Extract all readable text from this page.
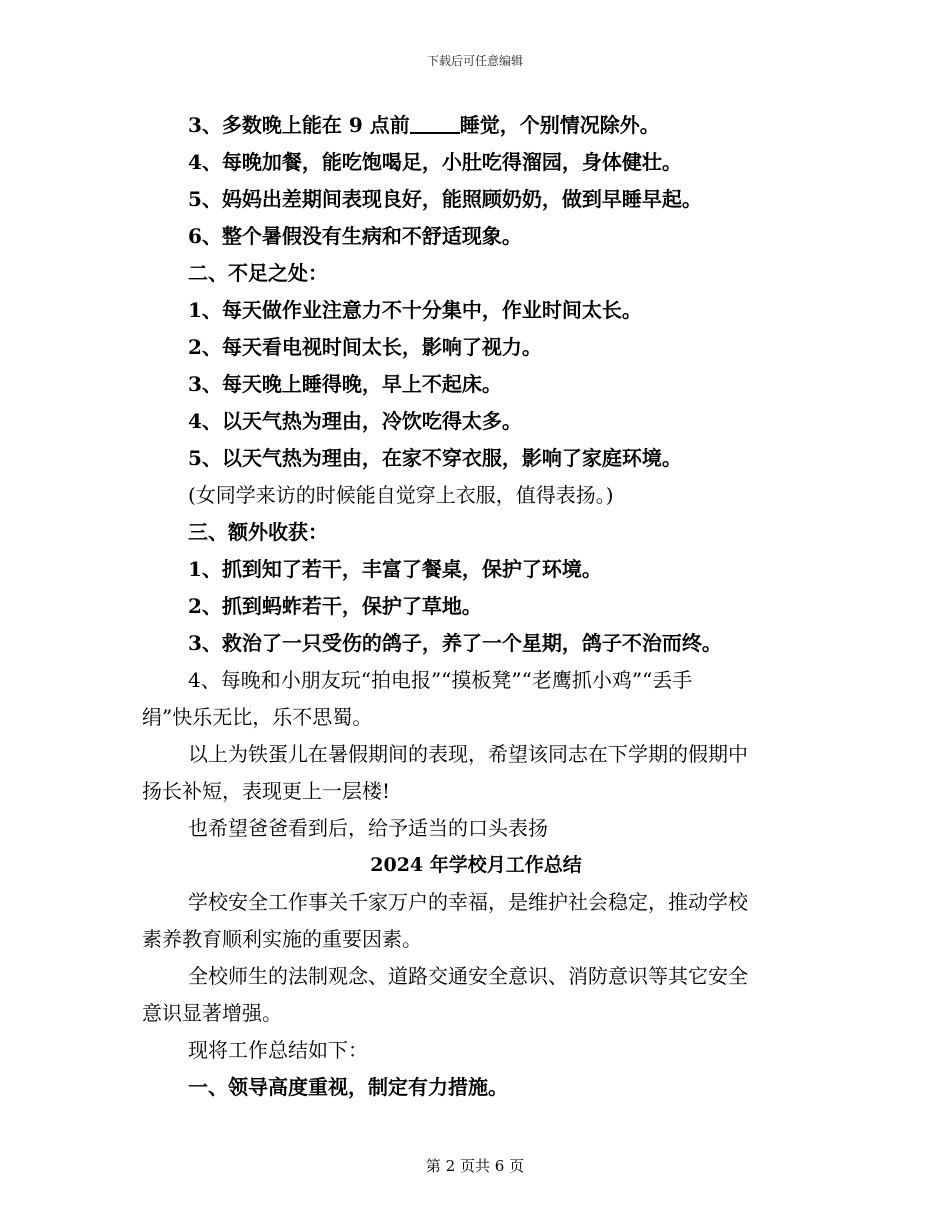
下载后可任意编辑
3、多数晚上能在 9 点前	睡觉，个别情况除外。
4、每晚加餐，能吃饱喝足，小肚吃得溜园，身体健壮。
5、妈妈出差期间表现良好，能照顾奶奶，做到早睡早起。
6、整个暑假没有生病和不舒适现象。
二、不足之处：
1、每天做作业注意力不十分集中，作业时间太长。
2、每天看电视时间太长，影响了视力。
3、每天晚上睡得晚，早上不起床。
4、以天气热为理由，冷饮吃得太多。
5、以天气热为理由，在家不穿衣服，影响了家庭环境。
(女同学来访的时候能自觉穿上衣服，值得表扬。)
三、额外收获：
1、抓到知了若干，丰富了餐桌，保护了环境。
2、抓到蚂蚱若干，保护了草地。
3、救治了一只受伤的鸽子，养了一个星期，鸽子不治而终。
4、每晚和小朋友玩“拍电报”“摸板凳”“老鹰抓小鸡”“丢手
绢”快乐无比，乐不思蜀。
以上为铁蛋儿在暑假期间的表现，希望该同志在下学期的假期中
扬长补短，表现更上一层楼!
也希望爸爸看到后，给予适当的口头表扬
2024 年学校月工作总结
学校安全工作事关千家万户的幸福，是维护社会稳定，推动学校
素养教育顺利实施的重要因素。
全校师生的法制观念、道路交通安全意识、消防意识等其它安全
意识显著增强。
现将工作总结如下：
一、领导高度重视，制定有力措施。
第 2 页共 6 页
